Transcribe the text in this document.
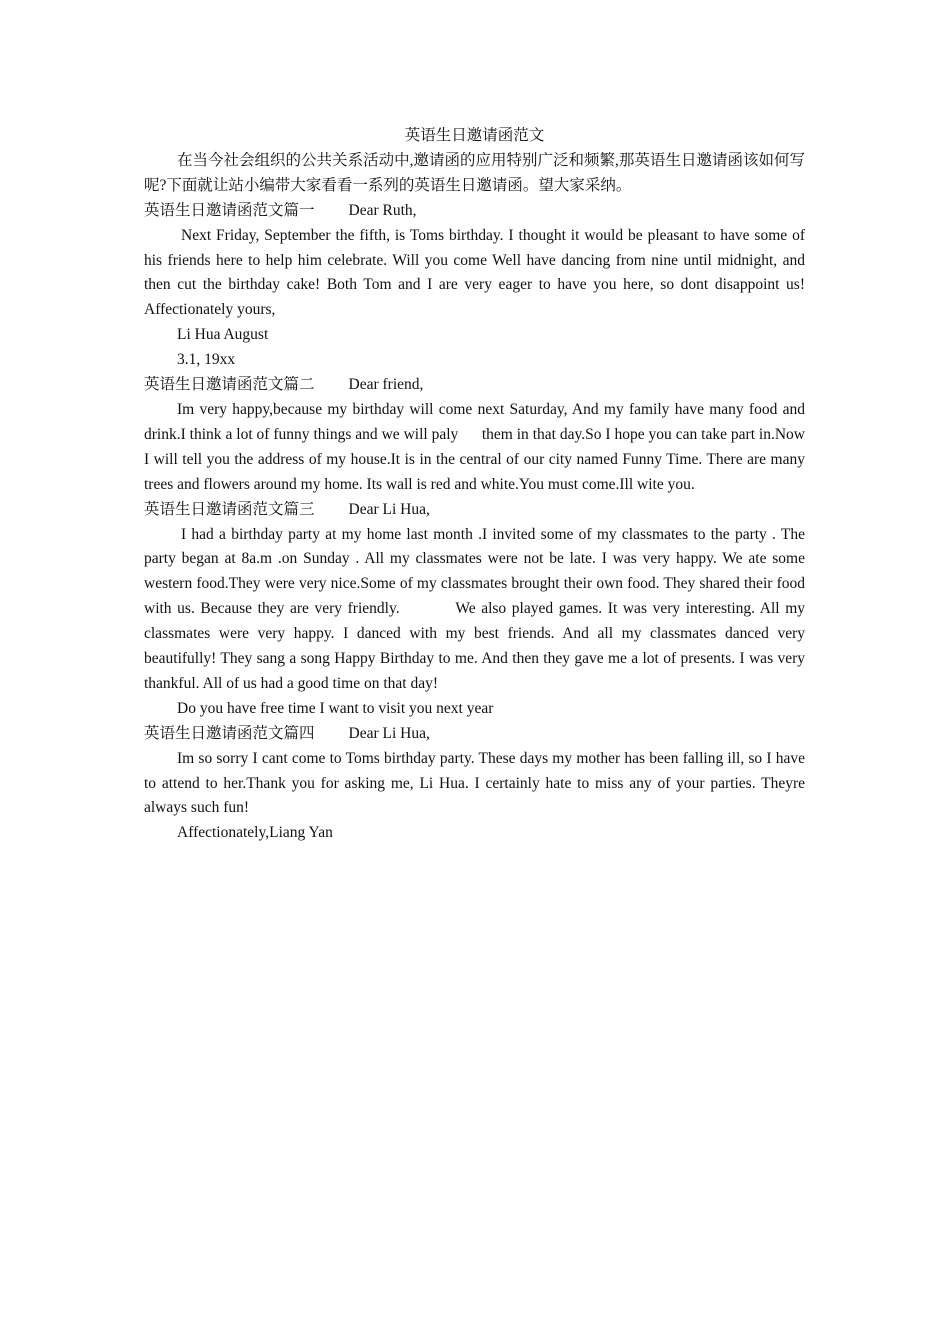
英语生日邀请函范文

在当今社会组织的公共关系活动中,邀请函的应用特别广泛和频繁,那英语生日邀请函该如何写呢?下面就让站小编带大家看看一系列的英语生日邀请函。望大家采纳。

英语生日邀请函范文篇一 Dear Ruth,

Next Friday, September the fifth, is Toms birthday. I thought it would be pleasant to have some of his friends here to help him celebrate. Will you come Well have dancing from nine until midnight, and then cut the birthday cake! Both Tom and I are very eager to have you here, so dont disappoint us! Affectionately yours,

Li Hua August

3.1, 19xx

英语生日邀请函范文篇二 Dear friend,

Im very happy,because my birthday will come next Saturday, And my family have many food and drink.I think a lot of funny things and we will paly      them in that day.So I hope you can take part in.Now I will tell you the address of my house.It is in the central of our city named Funny Time. There are many trees and flowers around my home. Its wall is red and white.You must come.Ill wite you.

英语生日邀请函范文篇三 Dear Li Hua,

I had a birthday party at my home last month .I invited some of my classmates to the party . The party began at 8a.m .on Sunday . All my classmates were not be late. I was very happy. We ate some western food.They were very nice.Some of my classmates brought their own food. They shared their food with us. Because they are very friendly.          We also played games. It was very interesting. All my classmates were very happy. I danced with my best friends. And all my classmates danced very beautifully! They sang a song Happy Birthday to me. And then they gave me a lot of presents. I was very thankful. All of us had a good time on that day!

Do you have free time I want to visit you next year

英语生日邀请函范文篇四 Dear Li Hua,

Im so sorry I cant come to Toms birthday party. These days my mother has been falling ill, so I have to attend to her.Thank you for asking me, Li Hua. I certainly hate to miss any of your parties. Theyre always such fun!

Affectionately,Liang Yan
